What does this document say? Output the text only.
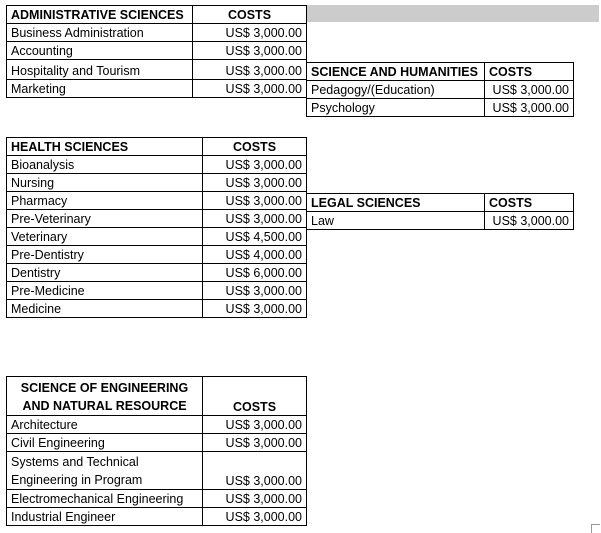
ADMINISTRATIVE SCIENCES	COSTS
Business Administration	US$ 3,000.00
Accounting	US$ 3,000.00
Hospitality and Tourism	US$ 3,000.00
Marketing	US$ 3,000.00
SCIENCE AND HUMANITIES	COSTS
Pedagogy/(Education)	US$ 3,000.00
Psychology	US$ 3,000.00
HEALTH SCIENCES	COSTS
Bioanalysis	US$ 3,000.00
Nursing	US$ 3,000.00
Pharmacy	US$ 3,000.00
Pre-Veterinary	US$ 3,000.00
Veterinary	US$ 4,500.00
Pre-Dentistry	US$ 4,000.00
Dentistry	US$ 6,000.00
Pre-Medicine	US$ 3,000.00
Medicine	US$ 3,000.00
LEGAL SCIENCES	COSTS
Law	US$ 3,000.00
SCIENCE OF ENGINEERING AND NATURAL RESOURCE	COSTS
Architecture	US$ 3,000.00
Civil Engineering	US$ 3,000.00
Systems and Technical Engineering in Program	US$ 3,000.00
Electromechanical Engineering	US$ 3,000.00
Industrial Engineer	US$ 3,000.00
